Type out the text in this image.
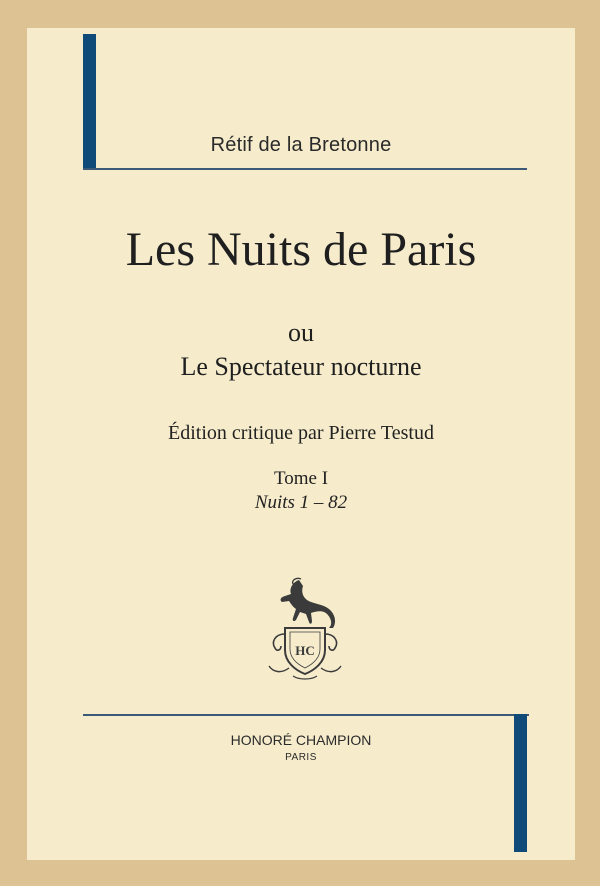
Rétif de la Bretonne
Les Nuits de Paris
ou
Le Spectateur nocturne
Édition critique par Pierre Testud
Tome I
Nuits 1 – 82
HC
HONORÉ CHAMPION
PARIS
